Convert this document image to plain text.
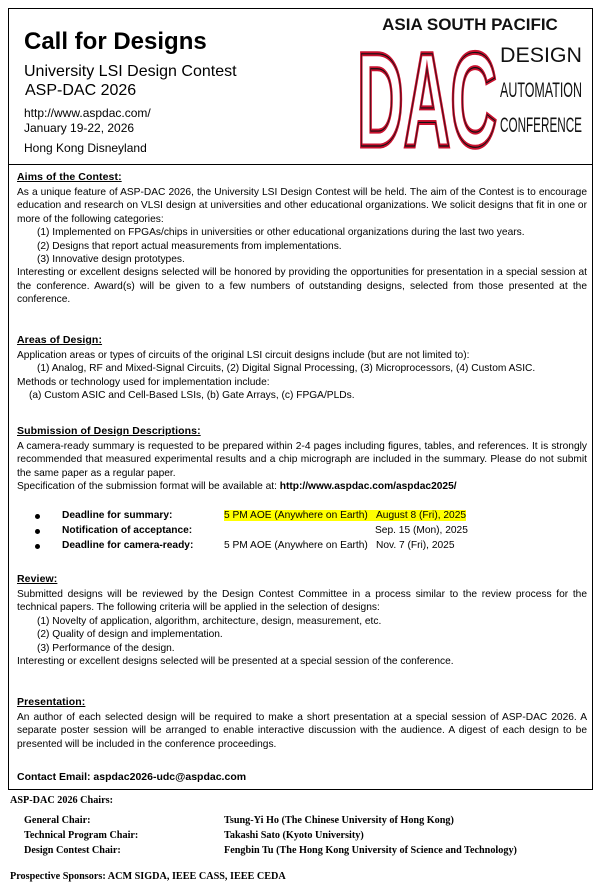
Call for Designs
University LSI Design Contest
ASP-DAC 2026
http://www.aspdac.com/
January 19-22, 2026
Hong Kong Disneyland
ASIA SOUTH PACIFIC
DAC
DAC DESIGN
AUTOMATION
CONFERENCE
Aims of the Contest:
As a unique feature of ASP-DAC 2026, the University LSI Design Contest will be held. The aim of the Contest is to encourage education and research on VLSI design at universities and other educational organizations. We solicit designs that fit in one or more of the following categories:
(1) Implemented on FPGAs/chips in universities or other educational organizations during the last two years.
(2) Designs that report actual measurements from implementations.
(3) Innovative design prototypes.
Interesting or excellent designs selected will be honored by providing the opportunities for presentation in a special session at the conference. Award(s) will be given to a few numbers of outstanding designs, selected from those presented at the conference.
Areas of Design:
Application areas or types of circuits of the original LSI circuit designs include (but are not limited to):
(1) Analog, RF and Mixed-Signal Circuits, (2) Digital Signal Processing, (3) Microprocessors, (4) Custom ASIC.
Methods or technology used for implementation include:
(a) Custom ASIC and Cell-Based LSIs, (b) Gate Arrays, (c) FPGA/PLDs.
Submission of Design Descriptions:
A camera-ready summary is requested to be prepared within 2-4 pages including figures, tables, and references. It is strongly recommended that measured experimental results and a chip micrograph are included in the summary. Please do not submit the same paper as a regular paper.
Specification of the submission format will be available at: http://www.aspdac.com/aspdac2025/
Deadline for summary:	5 PM AOE (Anywhere on Earth) August 8 (Fri), 2025
Notification of acceptance:	Sep. 15 (Mon), 2025
Deadline for camera-ready:	5 PM AOE (Anywhere on Earth) Nov. 7 (Fri), 2025
Review:
Submitted designs will be reviewed by the Design Contest Committee in a process similar to the review process for the technical papers. The following criteria will be applied in the selection of designs:
(1) Novelty of application, algorithm, architecture, design, measurement, etc.
(2) Quality of design and implementation.
(3) Performance of the design.
Interesting or excellent designs selected will be presented at a special session of the conference.
Presentation:
An author of each selected design will be required to make a short presentation at a special session of ASP-DAC 2026. A separate poster session will be arranged to enable interactive discussion with the audience. A digest of each design to be presented will be included in the conference proceedings.
Contact Email: aspdac2026-udc@aspdac.com
ASP-DAC 2026 Chairs:
General Chair:	Tsung-Yi Ho (The Chinese University of Hong Kong)
Technical Program Chair:	Takashi Sato (Kyoto University)
Design Contest Chair:	Fengbin Tu (The Hong Kong University of Science and Technology)
Prospective Sponsors: ACM SIGDA, IEEE CASS, IEEE CEDA
